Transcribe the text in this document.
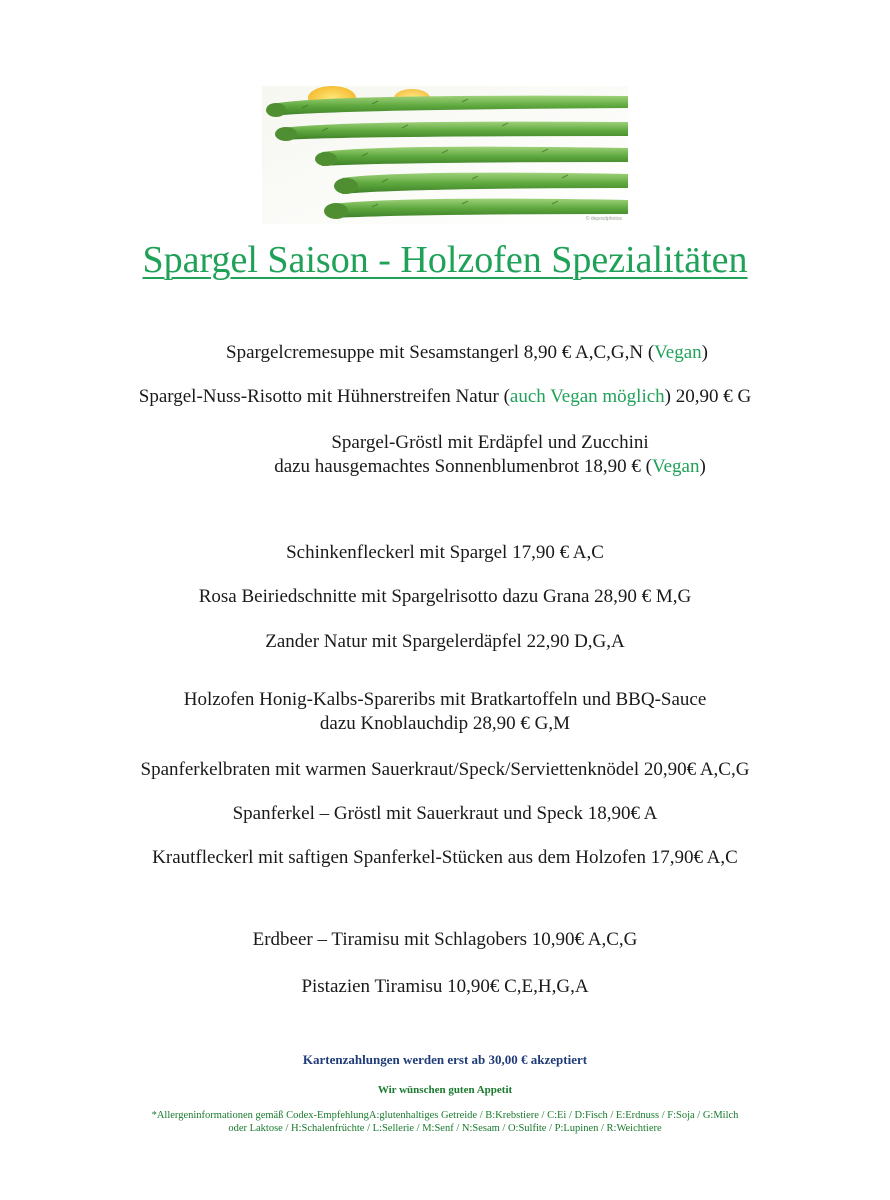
© depositphotos
Spargel Saison - Holzofen Spezialitäten
Spargelcremesuppe mit Sesamstangerl 8,90 € A,C,G,N (Vegan)
Spargel-Nuss-Risotto mit Hühnerstreifen Natur (auch Vegan möglich) 20,90 € G
Spargel-Gröstl mit Erdäpfel und Zucchini
dazu hausgemachtes Sonnenblumenbrot 18,90 € (Vegan)
Schinkenfleckerl mit Spargel 17,90 € A,C
Rosa Beiriedschnitte mit Spargelrisotto dazu Grana 28,90 € M,G
Zander Natur mit Spargelerdäpfel 22,90 D,G,A
Holzofen Honig-Kalbs-Spareribs mit Bratkartoffeln und BBQ-Sauce
dazu Knoblauchdip 28,90 € G,M
Spanferkelbraten mit warmen Sauerkraut/Speck/Serviettenknödel 20,90€ A,C,G
Spanferkel – Gröstl mit Sauerkraut und Speck 18,90€ A
Krautfleckerl mit saftigen Spanferkel-Stücken aus dem Holzofen 17,90€ A,C
Erdbeer – Tiramisu mit Schlagobers 10,90€ A,C,G
Pistazien Tiramisu 10,90€ C,E,H,G,A
Kartenzahlungen werden erst ab 30,00 € akzeptiert
Wir wünschen guten Appetit
*Allergeninformationen gemäß Codex-EmpfehlungA:glutenhaltiges Getreide / B:Krebstiere / C:Ei / D:Fisch / E:Erdnuss / F:Soja / G:Milch
oder Laktose / H:Schalenfrüchte / L:Sellerie / M:Senf / N:Sesam / O:Sulfite / P:Lupinen / R:Weichtiere
